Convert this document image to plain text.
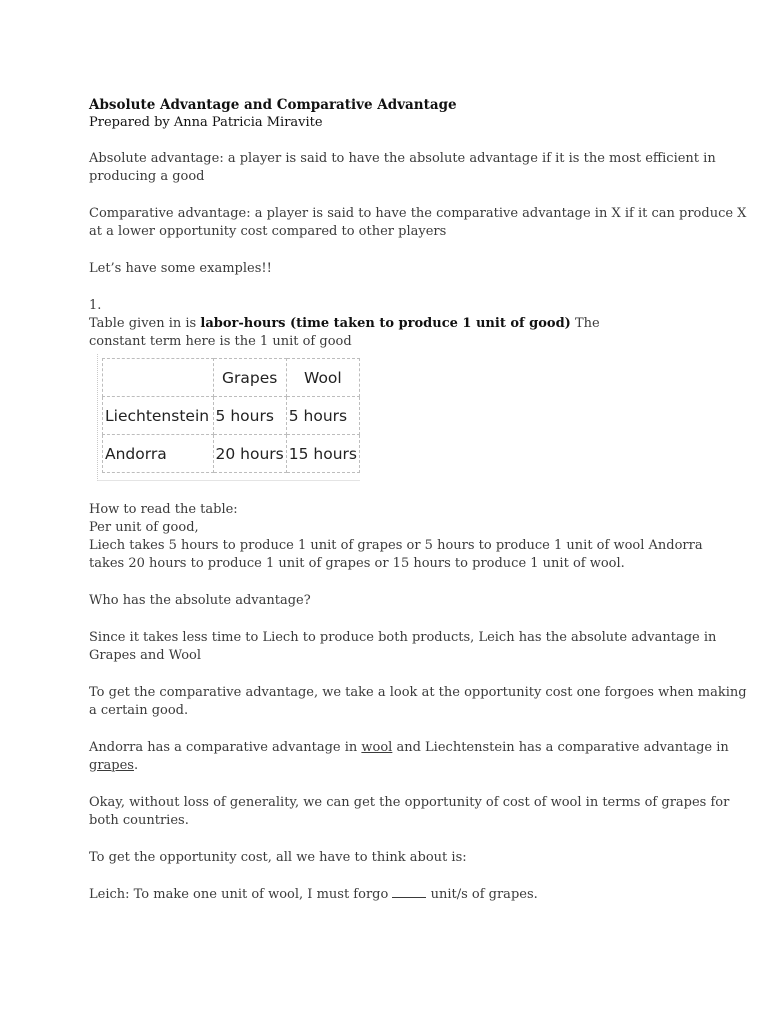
Absolute Advantage and Comparative Advantage
Prepared by Anna Patricia Miravite
Absolute advantage: a player is said to have the absolute advantage if it is the most efficient in
producing a good
Comparative advantage: a player is said to have the comparative advantage in X if it can produce X
at a lower opportunity cost compared to other players
Let’s have some examples!!
1.
Table given in is labor-hours (time taken to produce 1 unit of good) The
constant term here is the 1 unit of good
	Grapes	Wool
Liechtenstein	5 hours	5 hours
Andorra	20 hours	15 hours
How to read the table:
Per unit of good,
Liech takes 5 hours to produce 1 unit of grapes or 5 hours to produce 1 unit of wool Andorra
takes 20 hours to produce 1 unit of grapes or 15 hours to produce 1 unit of wool.
Who has the absolute advantage?
Since it takes less time to Liech to produce both products, Leich has the absolute advantage in
Grapes and Wool
To get the comparative advantage, we take a look at the opportunity cost one forgoes when making
a certain good.
Andorra has a comparative advantage in wool and Liechtenstein has a comparative advantage in
grapes.
Okay, without loss of generality, we can get the opportunity of cost of wool in terms of grapes for
both countries.
To get the opportunity cost, all we have to think about is:
Leich: To make one unit of wool, I must forgo	unit/s of grapes.
